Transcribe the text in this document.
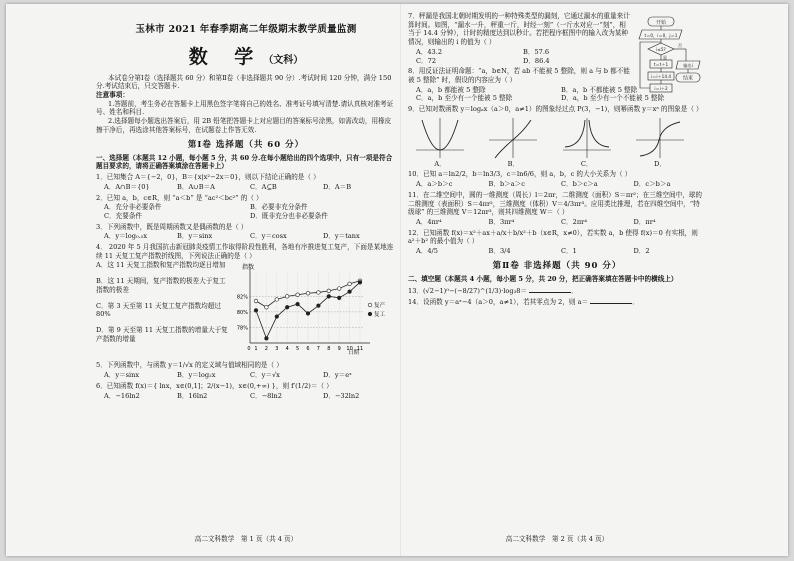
玉林市 2021 年春季期高二年级期末教学质量监测
数 学（文科）

本试卷分第Ⅰ卷（选择题共 60 分）和第Ⅱ卷（非选择题共 90 分）.考试时间 120 分钟，满分 150 分.考试结束后，只交答题卡.

注意事项：

1.答题前，考生务必在答题卡上用黑色签字笔将自己的姓名、准考证号填写清楚.请认真核对准考证号、姓名和科目.

2.选择题每小题选出答案后，用 2B 铅笔把答题卡上对应题目的答案标号涂黑，如需改动，用橡皮擦干净后，再选涂其他答案标号，在试题卷上作答无效.

第Ⅰ卷 选择题（共 60 分）

一、选择题（本题共 12 小题，每小题 5 分，共 60 分.在每小题给出的四个选项中，只有一项是符合题目要求的，请将正确答案填涂在答题卡上）

1．已知集合 A＝{−2，0}，B＝{x|x²−2x＝0}，则以下结论正确的是（ ）

A．A∩B＝{0}	B．A∪B＝A	C．A⊆B	D．A＝B

2．已知 a，b，c∈R，则 “a＜b” 是 “ac²＜bc²” 的（ ）

A．充分非必要条件	B．必要非充分条件
C．充要条件	D．既非充分也非必要条件

3．下列函数中，既是周期函数又是偶函数的是（ ）

A．y＝log₀.₅x	B．y＝sinx	C．y＝cosx	D．y＝tanx

4． 2020 年 5 月我国抗击新冠肺炎疫情工作取得阶段性胜利，各地有序推进复工复产，下面是某地连续 11 天复工复产指数折线图，下列说法正确的是（ ）

A．这 11 天复工指数和复产指数均逐日增加
B．这 11 天期间，复产指数的极差大于复工指数的极差
C．第 3 天至第 11 天复工复产指数均超过 80%
D．第 9 天至第 11 天复工指数的增量大于复产指数的增量
指数
日期
78%
80%
82%
0 1 2 3 4 5 6 7 8 9 10 11
复产
复工

5．下列函数中，与函数 y＝1/√x 的定义域与值域相同的是（ ）

A．y＝sinx	B．y＝log₂x	C．y＝√x	D．y＝eˣ

6．已知函数 f(x)＝{ lnx，x∈(0,1]；2/(x−1)，x∈(0,+∞) }，则 f′(1/2)＝（ ）

A．−16ln2	B．16ln2	C．−8ln2	D．−32ln2
高二文科数学　第 1 页（共 4 页）

7．秤漏是我国北朝时期发明的一种特殊类型的漏刻，它通过漏水的重量来计算时间。如图，“漏水一升，秤重一斤，时经一刻”（一斤水对应一“刻”，相当于 14.4 分钟），计时的精度达到以秒计。若把程序框图中的输入改为某种情况，则输出的 i 的值为（ ）

A．43.2	B．57.6
C．72	D．86.4
开始
t＝0，i＝0，j＝1
i≤5?
t＝t＋1
i＝i＋14.4
i＝i＋2
是
否
输出i
结束

8．用反证法证明命题：“a，b∈N，若 ab 不能被 5 整除，则 a 与 b 都不能被 5 整除” 时，假设的内容应为（ ）

A．a，b 都能被 5 整除	B．a，b 不都能被 5 整除
C．a，b 至少有一个能被 5 整除	D．a，b 至少有一个不能被 5 整除

9．已知对数函数 y＝logₐx（a＞0，a≠1）的图象经过点 P(3，−1)，则幂函数 y＝xᵃ 的图象是（ ）

A．	B．	C．	D．

10．已知 a＝ln2/2，b＝ln3/3，c＝ln6/6，则 a，b，c 的大小关系为（ ）

A．a＞b＞c	B．b＞a＞c	C．b＞c＞a	D．c＞b＞a

11．在二维空间中，圆的一维测度（周长）l＝2πr，二维测度（面积）S＝πr²；在三维空间中，球的二维测度（表面积）S＝4πr²，三维测度（体积）V＝4/3πr³。应用类比推理，若在四维空间中，“特级球” 的三维测度 V＝12πr³，则其四维测度 W＝（ ）

A．4πr⁴	B．3πr⁴	C．2πr⁴	D．πr⁴

12．已知函数 f(x)＝x²＋ax＋a/x＋b/x²＋b（x∈R，x≠0），若实数 a，b 使得 f(x)＝0 有实根，则 a²＋b² 的最小值为（ ）

A．4/5	B．3/4	C．1	D．2
第Ⅱ卷 非选择题（共 90 分）

二、填空题（本题共 4 小题，每小题 5 分，共 20 分，把正确答案填在答题卡中的横线上）

13．(√2−1)⁰−(−8/27)^(1/3)·log₃8＝	．

14．设函数 y＝aˣ−4（a＞0，a≠1），若其零点为 2，则 a＝	．

高二文科数学　第 2 页（共 4 页）
